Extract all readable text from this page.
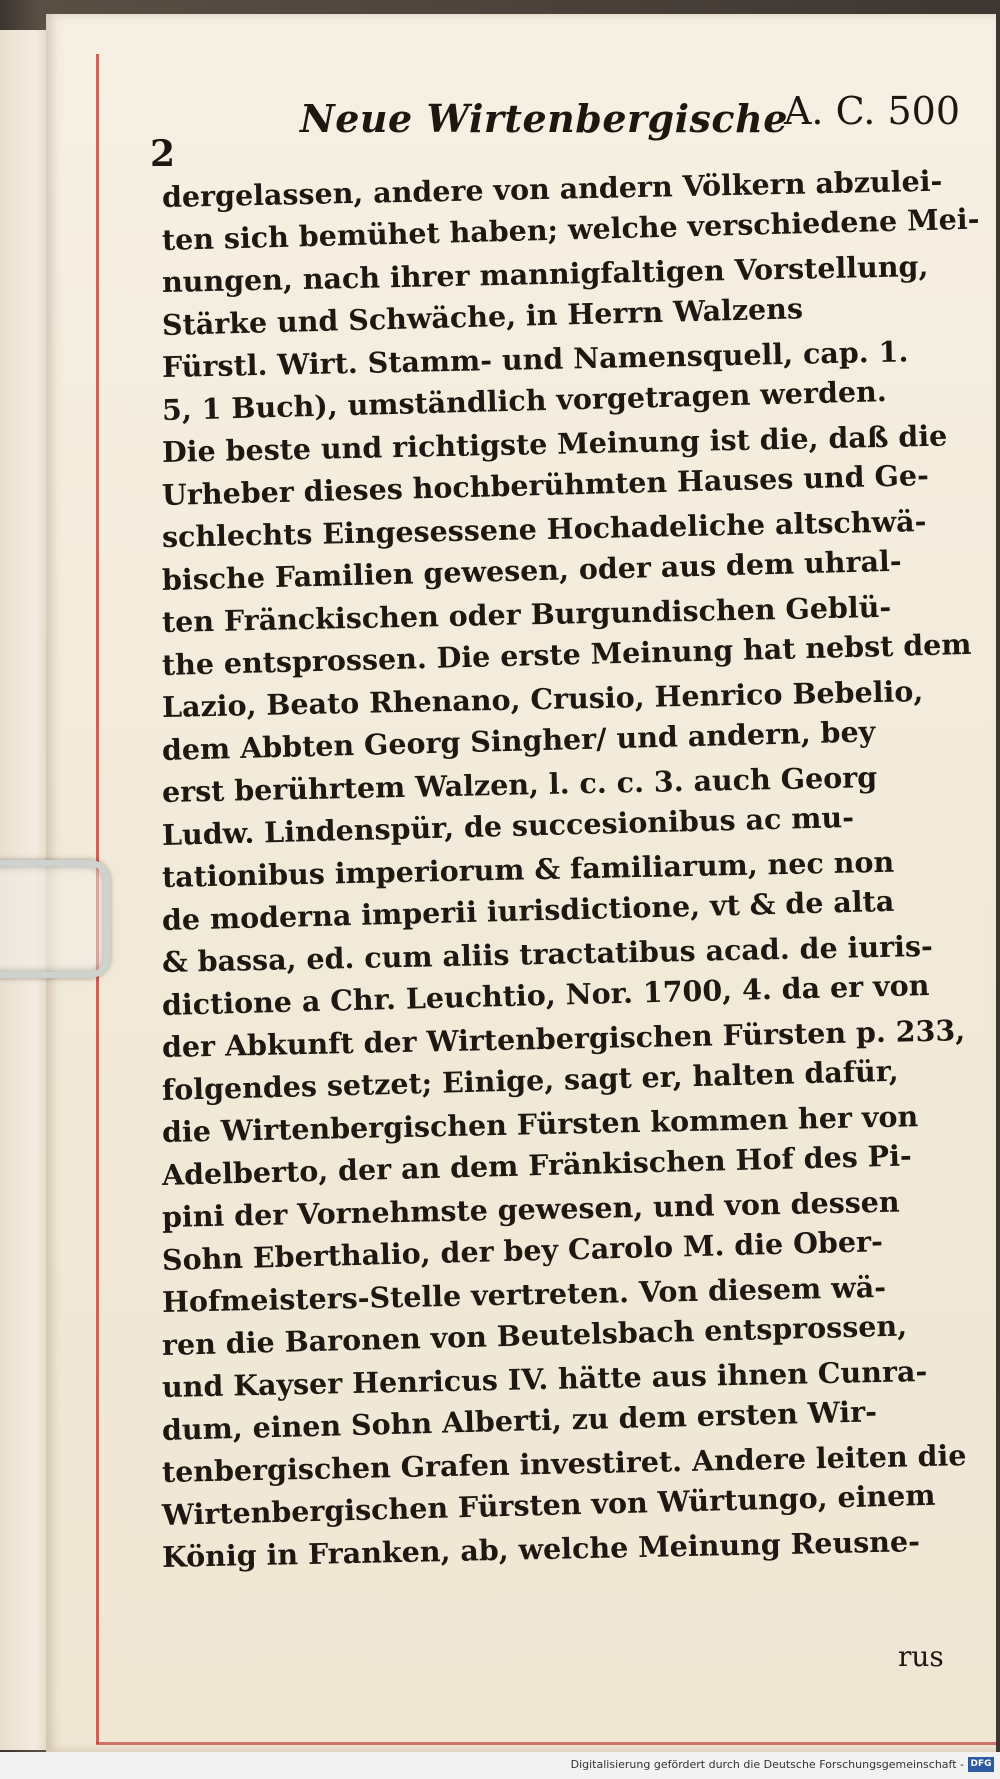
2
Neue Wirtenbergische
A. C. 500
dergelassen, andere von andern Völkern abzulei-
ten sich bemühet haben; welche verschiedene Mei-
nungen, nach ihrer mannigfaltigen Vorstellung,
Stärke und Schwäche, in Herrn Walzens
Fürstl. Wirt. Stamm- und Namensquell, cap. 1.
5, 1 Buch), umständlich vorgetragen werden.
Die beste und richtigste Meinung ist die, daß die
Urheber dieses hochberühmten Hauses und Ge-
schlechts Eingesessene Hochadeliche altschwä-
bische Familien gewesen, oder aus dem uhral-
ten Fränckischen oder Burgundischen Geblü-
the entsprossen. Die erste Meinung hat nebst dem
Lazio, Beato Rhenano, Crusio, Henrico Bebelio,
dem Abbten Georg Singher/ und andern, bey
erst berührtem Walzen, l. c. c. 3. auch Georg
Ludw. Lindenspür, de succesionibus ac mu-
tationibus imperiorum & familiarum, nec non
de moderna imperii iurisdictione, vt & de alta
& bassa, ed. cum aliis tractatibus acad. de iuris-
dictione a Chr. Leuchtio, Nor. 1700, 4. da er von
der Abkunft der Wirtenbergischen Fürsten p. 233,
folgendes setzet; Einige, sagt er, halten dafür,
die Wirtenbergischen Fürsten kommen her von
Adelberto, der an dem Fränkischen Hof des Pi-
pini der Vornehmste gewesen, und von dessen
Sohn Eberthalio, der bey Carolo M. die Ober-
Hofmeisters-Stelle vertreten. Von diesem wä-
ren die Baronen von Beutelsbach entsprossen,
und Kayser Henricus IV. hätte aus ihnen Cunra-
dum, einen Sohn Alberti, zu dem ersten Wir-
tenbergischen Grafen investiret. Andere leiten die
Wirtenbergischen Fürsten von Würtungo, einem
König in Franken, ab, welche Meinung Reusne-
rus
Digitalisierung gefördert durch die Deutsche Forschungsgemeinschaft - DFG
